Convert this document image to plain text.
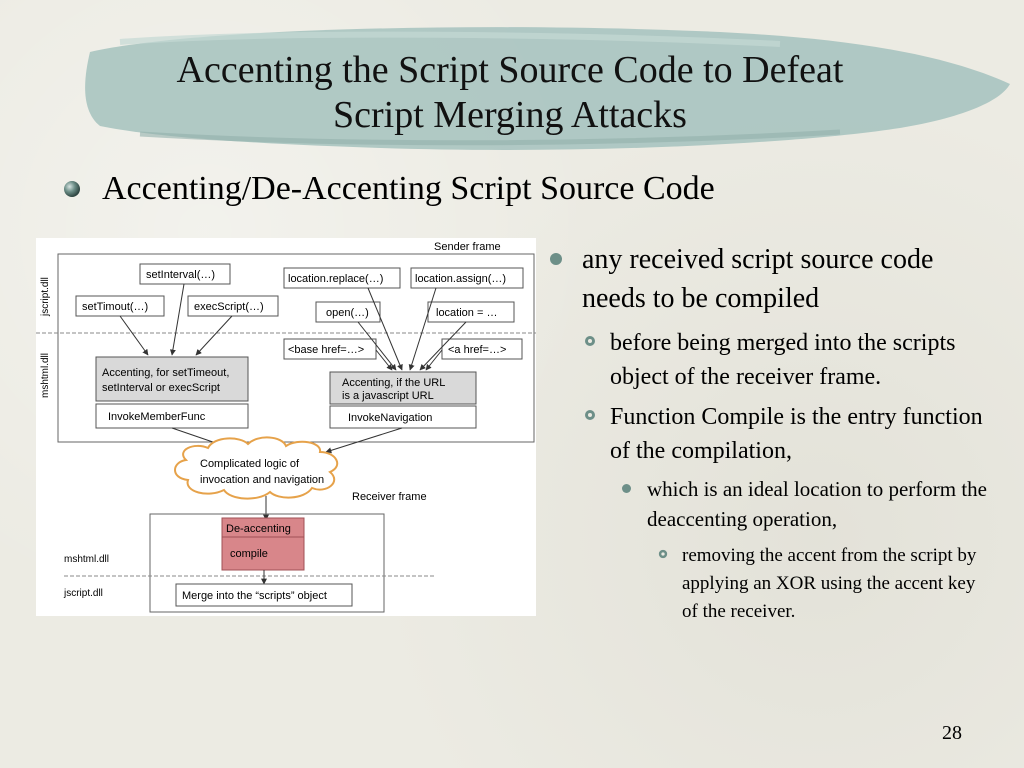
Accenting the Script Source Code to Defeat
Script Merging Attacks
Accenting/De-Accenting Script Source Code
Sender frame
jscript.dll
mshtml.dll
setInterval(…)
setTimout(…)	execScript(…)
location.replace(…)	location.assign(…)
open(…)	location = …
<base href=…>	<a href=…>
Accenting, for setTimeout,
setInterval or execScript
InvokeMemberFunc
Accenting, if the URL
is a javascript URL
InvokeNavigation
Complicated logic of
invocation and navigation
Receiver frame
mshtml.dll
jscript.dll
De-accenting
compile
Merge into the “scripts” object
any received script source code needs to be compiled
before being merged into the scripts object of the receiver frame.
Function Compile is the entry function of the compilation,
which is an ideal location to perform the deaccenting operation,
removing the accent from the script by applying an XOR using the accent key of the receiver.
28
